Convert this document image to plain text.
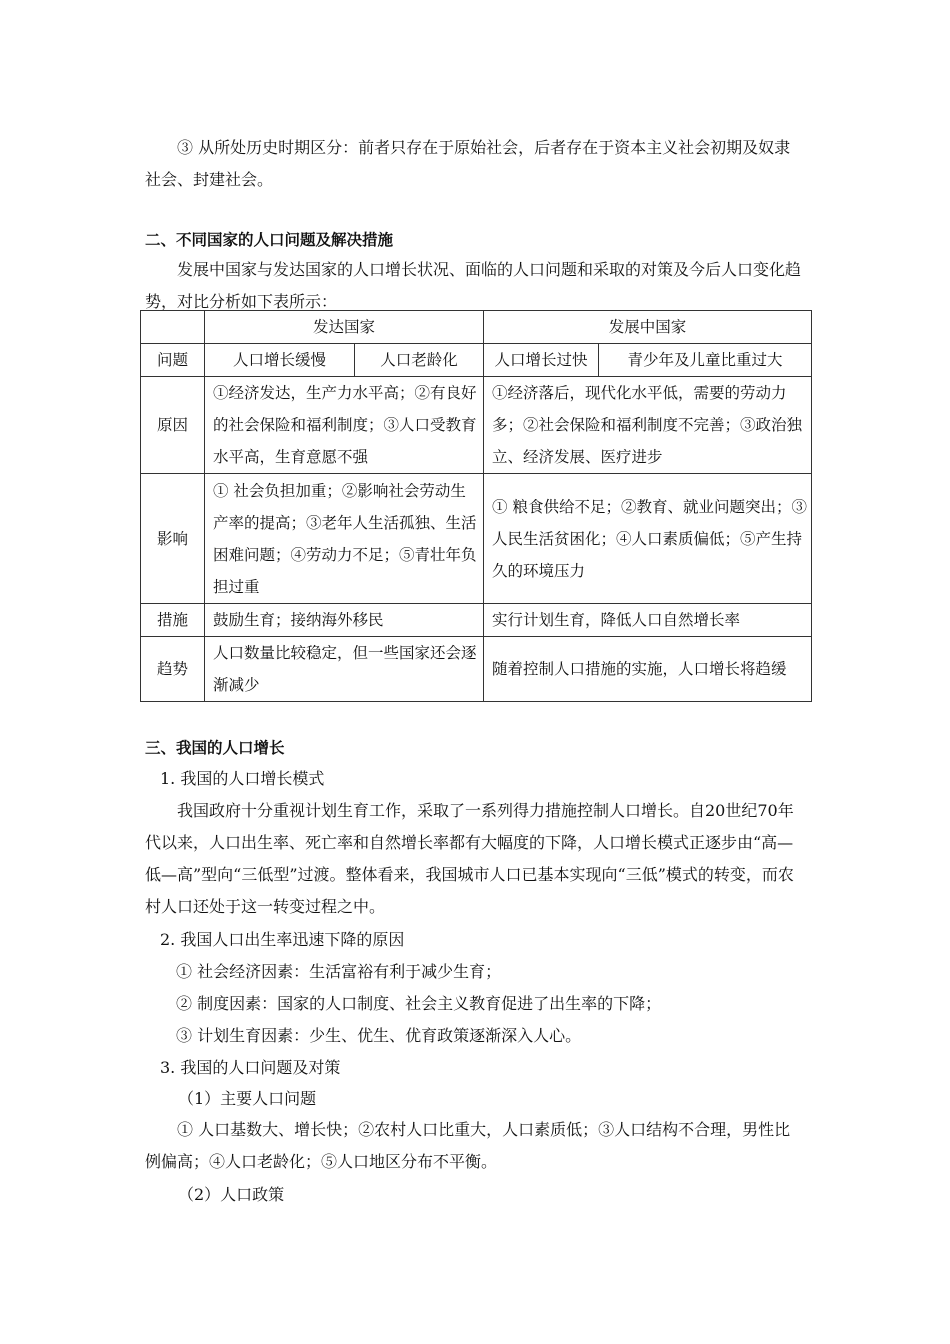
③ 从所处历史时期区分：前者只存在于原始社会，后者存在于资本主义社会初期及奴隶社会、封建社会。

二、不同国家的人口问题及解决措施

发展中国家与发达国家的人口增长状况、面临的人口问题和采取的对策及今后人口变化趋势，对比分析如下表所示：

	发达国家		发展中国家	
问题	人口增长缓慢	人口老龄化	人口增长过快	青少年及儿童比重过大
原因	①经济发达，生产力水平高；②有良好的社会保险和福利制度；③人口受教育水平高，生育意愿不强		①经济落后，现代化水平低，需要的劳动力多；②社会保险和福利制度不完善；③政治独立、经济发展、医疗进步	
影响	① 社会负担加重；②影响社会劳动生产率的提高；③老年人生活孤独、生活困难问题；④劳动力不足；⑤青壮年负担过重		① 粮食供给不足；②教育、就业问题突出；③人民生活贫困化；④人口素质偏低；⑤产生持久的环境压力	
措施	鼓励生育；接纳海外移民		实行计划生育，降低人口自然增长率	
趋势	人口数量比较稳定，但一些国家还会逐渐减少		随着控制人口措施的实施，人口增长将趋缓	

三、我国的人口增长

1. 我国的人口增长模式

我国政府十分重视计划生育工作，采取了一系列得力措施控制人口增长。自20世纪70年代以来，人口出生率、死亡率和自然增长率都有大幅度的下降，人口增长模式正逐步由“高—低—高”型向“三低型”过渡。整体看来，我国城市人口已基本实现向“三低”模式的转变，而农村人口还处于这一转变过程之中。

2. 我国人口出生率迅速下降的原因

① 社会经济因素：生活富裕有利于减少生育；

② 制度因素：国家的人口制度、社会主义教育促进了出生率的下降；

③ 计划生育因素：少生、优生、优育政策逐渐深入人心。

3. 我国的人口问题及对策

（1）主要人口问题

① 人口基数大、增长快；②农村人口比重大，人口素质低；③人口结构不合理，男性比例偏高；④人口老龄化；⑤人口地区分布不平衡。

（2）人口政策
